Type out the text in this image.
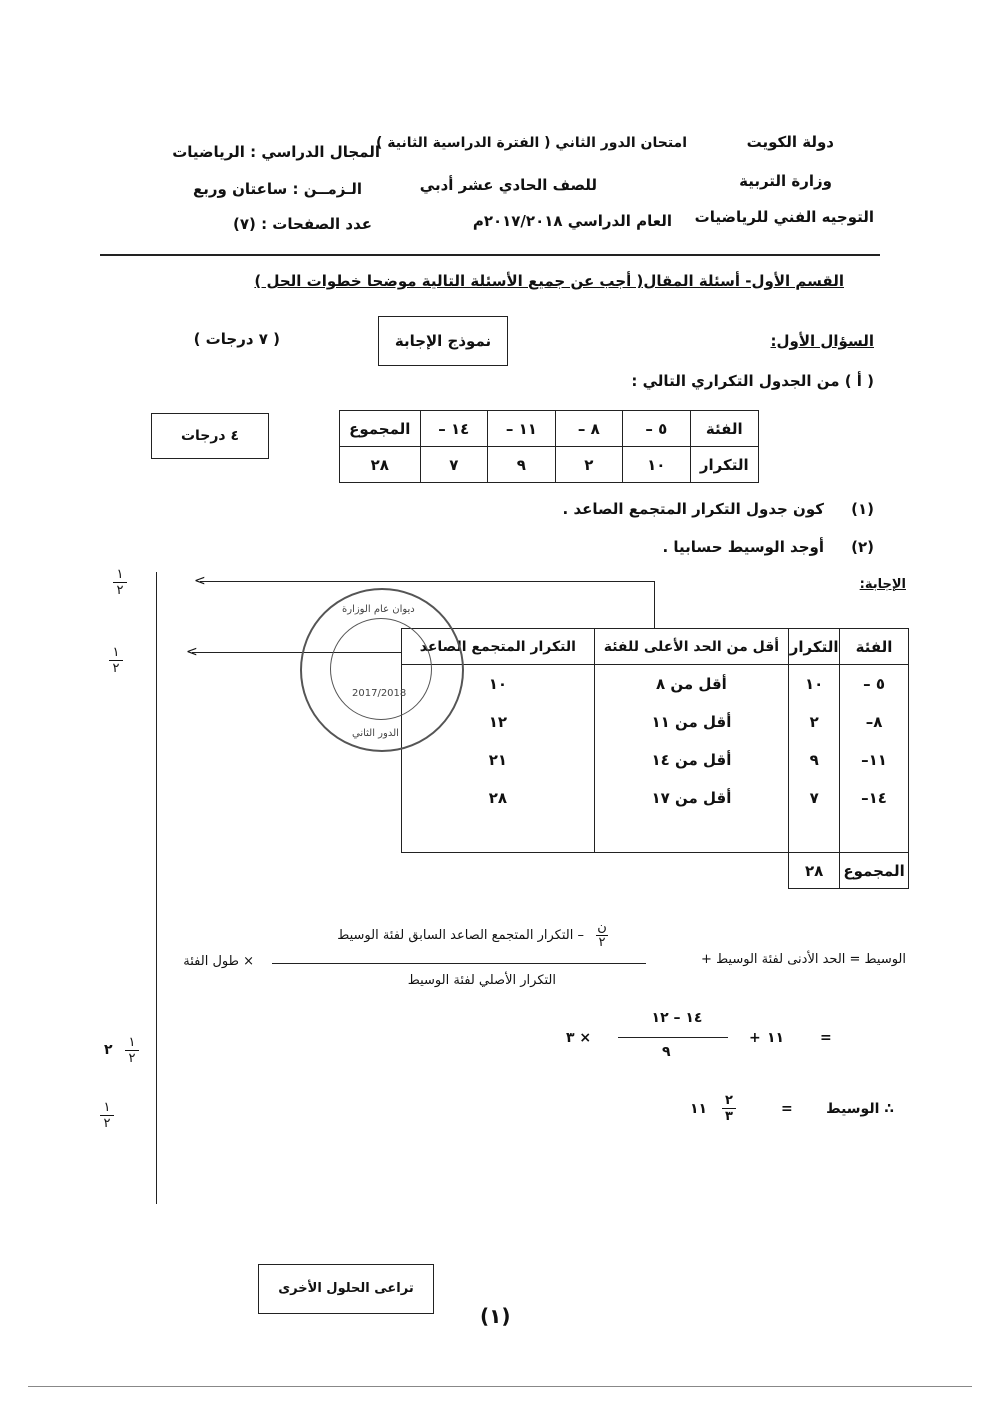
دولة الكويت
وزارة التربية
التوجيه الفني للرياضيات
امتحان الدور الثاني ( الفترة الدراسية الثانية )
للصف الحادي عشر أدبي
العام الدراسي ٢٠١٧/٢٠١٨م
المجال الدراسي : الرياضيات
الـزمــن : ساعتان وربع
عدد الصفحات : (٧)
القسم الأول- أسئلة المقال( أجب عن جميع الأسئلة التالية موضحا خطوات الحل )
السؤال الأول:
نموذج الإجابة
( ٧ درجات )
( أ ) من الجدول التكراري التالي :
٤ درجات	الفئة	٥ –	٨ –	١١ –	١٤ –	المجموع
التكرار	١٠	٢	٩	٧	٢٨
(١)
كون جدول التكرار المتجمع الصاعد .
(٢)
أوجد الوسيط حسابيا .
الإجابة:
<
<
١
٢
١
٢
٢ ١
٢
١
٢
الفئة	التكرار	أقل من الحد الأعلى للفئة	التكرار المتجمع الصاعد
٥ –	١٠	أقل من ٨	١٠
٨–	٢	أقل من ١١	١٢
١١–	٩	أقل من ١٤	٢١
١٤–	٧	أقل من ١٧	٢٨

المجموع	٢٨		
ديوان عام الوزارة
2017/2018
الدور الثاني
الوسيط = الحد الأدنى لفئة الوسيط +
ن
٢
– التكرار المتجمع الصاعد السابق لفئة الوسيط
التكرار الأصلي لفئة الوسيط
× طول الفئة
=
١١
+
١٤ – ١٢
٩
× ٣
∴ الوسيط
=
٢
٣
١١
تراعى الحلول الأخرى
(١)
